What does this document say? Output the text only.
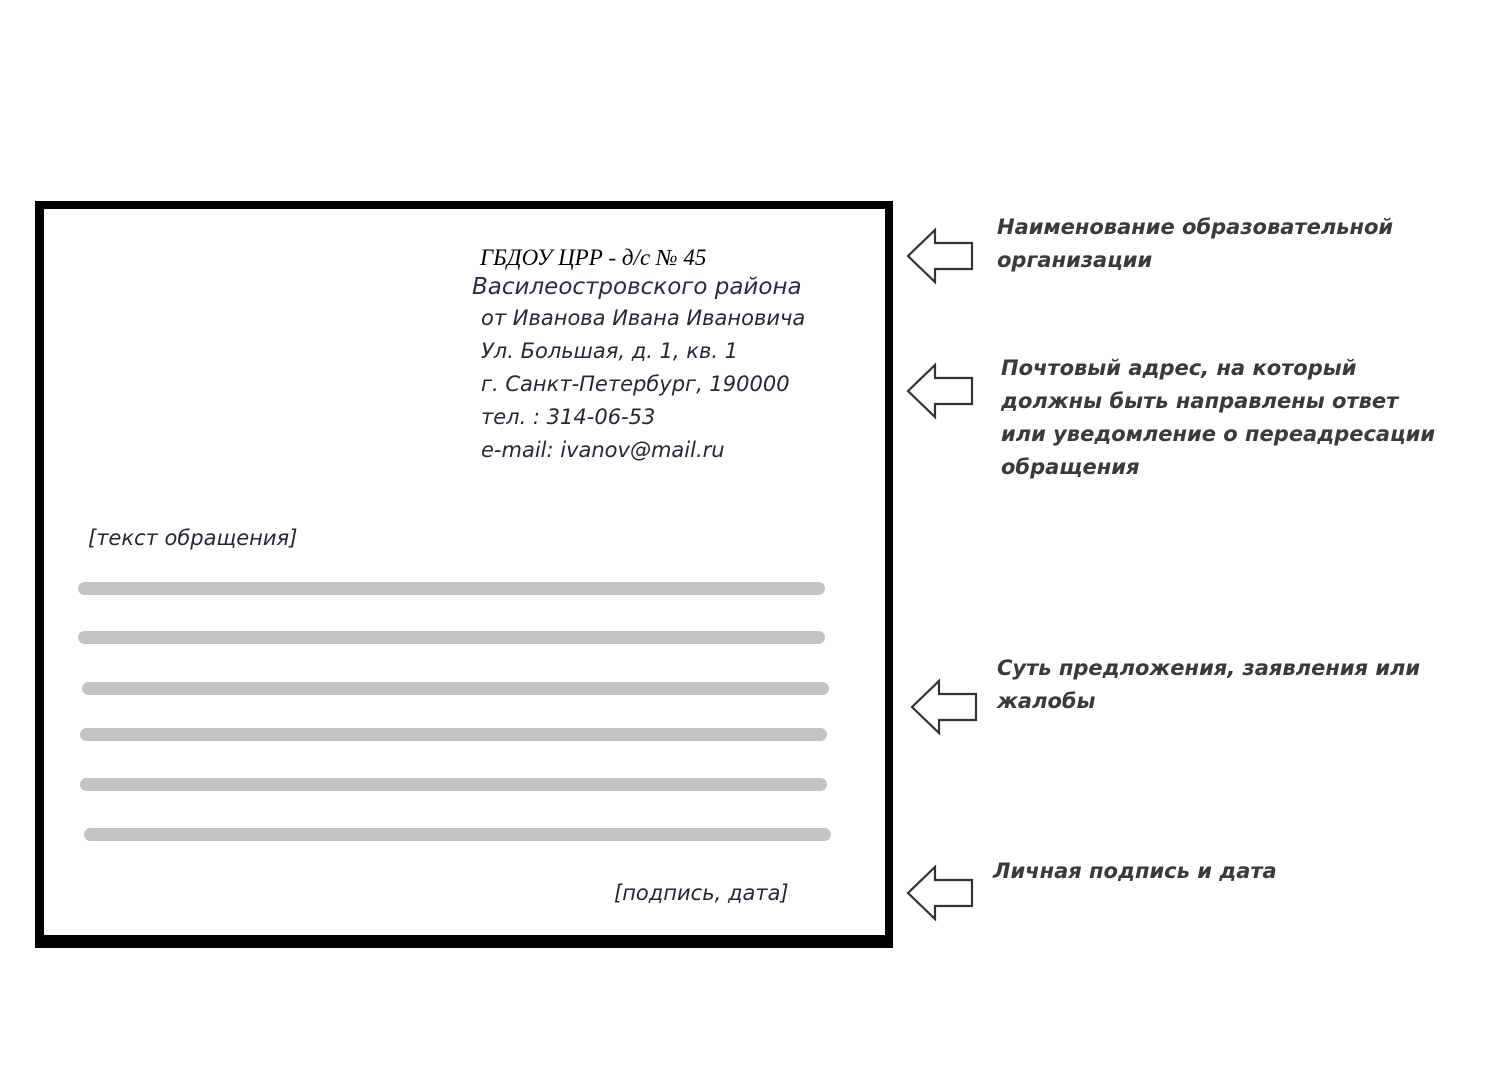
ГБДОУ ЦРР - д/с № 45
Василеостровского района
от Иванова Ивана Ивановича
Ул. Большая, д. 1, кв. 1
г. Санкт-Петербург, 190000
тел. : 314-06-53
e-mail: ivanov@mail.ru
[текст обращения]
[подпись, дата]
Наименование образовательной
организации
Почтовый адрес, на который
должны быть направлены ответ
или уведомление о переадресации
обращения
Суть предложения, заявления или
жалобы
Личная подпись и дата
